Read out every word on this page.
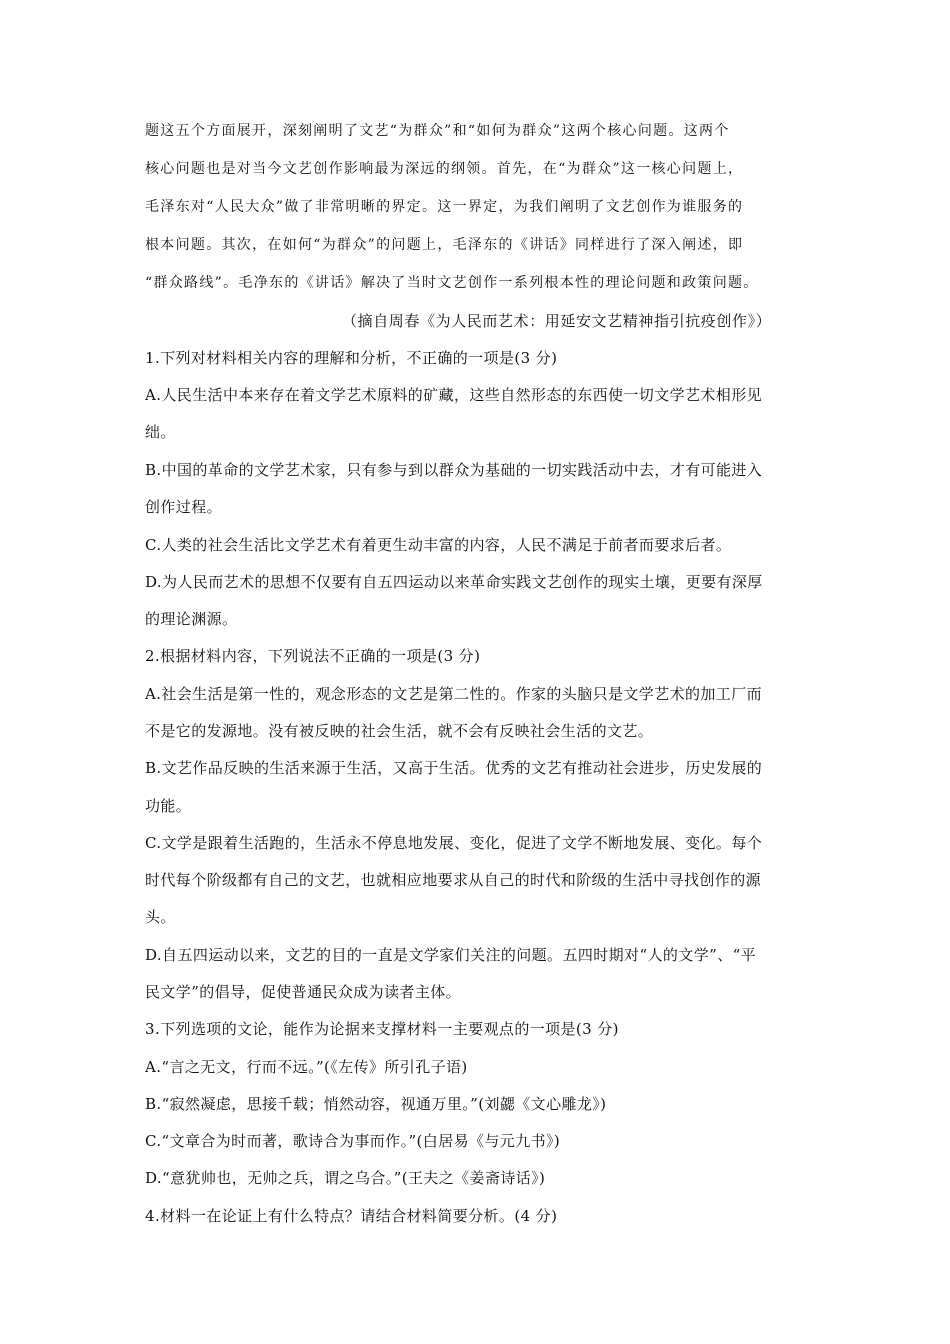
题这五个方面展开，深刻阐明了文艺“为群众”和“如何为群众”这两个核心问题。这两个
核心问题也是对当今文艺创作影响最为深远的纲领。首先，在“为群众”这一核心问题上，
毛泽东对“人民大众”做了非常明晰的界定。这一界定，为我们阐明了文艺创作为谁服务的
根本问题。其次，在如何“为群众”的问题上，毛泽东的《讲话》同样进行了深入阐述，即
“群众路线”。毛净东的《讲话》解决了当时文艺创作一系列根本性的理论问题和政策问题。
（摘自周春《为人民而艺术：用延安文艺精神指引抗疫创作》）
1.下列对材料相关内容的理解和分析，不正确的一项是(3 分)
A.人民生活中本来存在着文学艺术原料的矿藏，这些自然形态的东西使一切文学艺术相形见
绌。
B.中国的革命的文学艺术家，只有参与到以群众为基础的一切实践活动中去，才有可能进入
创作过程。
C.人类的社会生活比文学艺术有着更生动丰富的内容，人民不满足于前者而要求后者。
D.为人民而艺术的思想不仅要有自五四运动以来革命实践文艺创作的现实土壤，更要有深厚
的理论渊源。
2.根据材料内容，下列说法不正确的一项是(3 分)
A.社会生活是第一性的，观念形态的文艺是第二性的。作家的头脑只是文学艺术的加工厂而
不是它的发源地。没有被反映的社会生活，就不会有反映社会生活的文艺。
B.文艺作品反映的生活来源于生活，又高于生活。优秀的文艺有推动社会进步，历史发展的
功能。
C.文学是跟着生活跑的，生活永不停息地发展、变化，促进了文学不断地发展、变化。每个
时代每个阶级都有自己的文艺，也就相应地要求从自己的时代和阶级的生活中寻找创作的源
头。
D.自五四运动以来，文艺的目的一直是文学家们关注的问题。五四时期对“人的文学”、“平
民文学”的倡导，促使普通民众成为读者主体。
3.下列选项的文论，能作为论据来支撑材料一主要观点的一项是(3 分)
A.“言之无文，行而不远。”(《左传》所引孔子语)
B.“寂然凝虑，思接千载；悄然动容，视通万里。”(刘勰《文心雕龙》)
C.“文章合为时而著，歌诗合为事而作。”(白居易《与元九书》)
D.“意犹帅也，无帅之兵，谓之乌合。”(王夫之《姜斋诗话》)
4.材料一在论证上有什么特点？请结合材料简要分析。(4 分)
